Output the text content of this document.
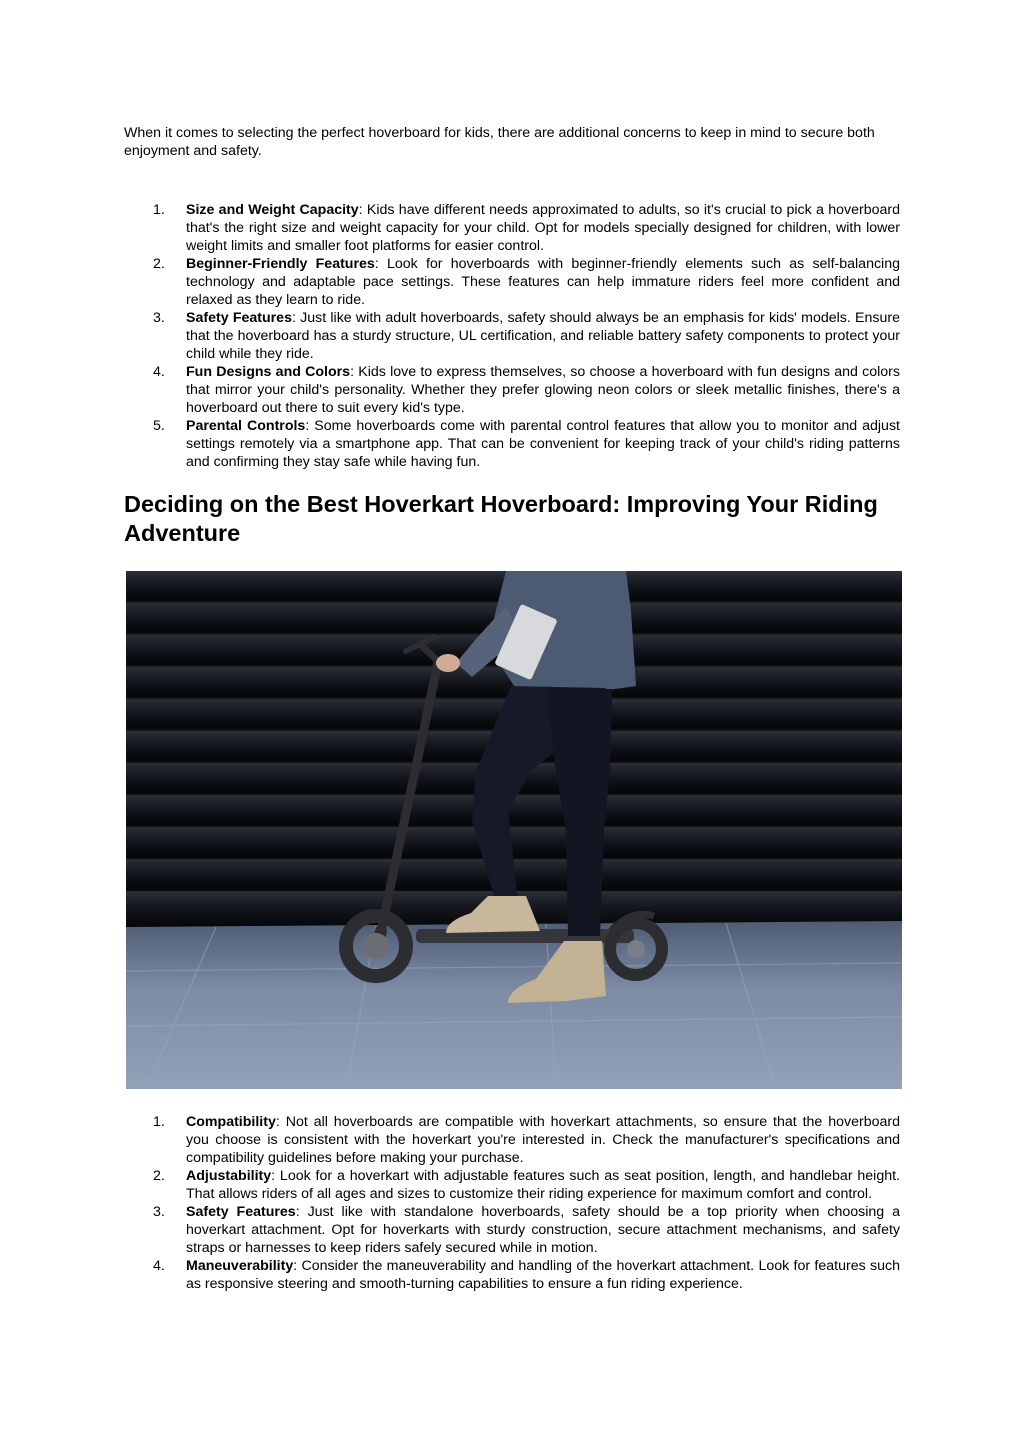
When it comes to selecting the perfect hoverboard for kids, there are additional concerns to keep in mind to secure both enjoyment and safety.

1. Size and Weight Capacity: Kids have different needs approximated to adults, so it's crucial to pick a hoverboard that's the right size and weight capacity for your child. Opt for models specially designed for children, with lower weight limits and smaller foot platforms for easier control.
2. Beginner-Friendly Features: Look for hoverboards with beginner-friendly elements such as self-balancing technology and adaptable pace settings. These features can help immature riders feel more confident and relaxed as they learn to ride.
3. Safety Features: Just like with adult hoverboards, safety should always be an emphasis for kids' models. Ensure that the hoverboard has a sturdy structure, UL certification, and reliable battery safety components to protect your child while they ride.
4. Fun Designs and Colors: Kids love to express themselves, so choose a hoverboard with fun designs and colors that mirror your child's personality. Whether they prefer glowing neon colors or sleek metallic finishes, there's a hoverboard out there to suit every kid's type.
5. Parental Controls: Some hoverboards come with parental control features that allow you to monitor and adjust settings remotely via a smartphone app. That can be convenient for keeping track of your child's riding patterns and confirming they stay safe while having fun.
Deciding on the Best Hoverkart Hoverboard: Improving Your Riding Adventure
1. Compatibility: Not all hoverboards are compatible with hoverkart attachments, so ensure that the hoverboard you choose is consistent with the hoverkart you're interested in. Check the manufacturer's specifications and compatibility guidelines before making your purchase.
2. Adjustability: Look for a hoverkart with adjustable features such as seat position, length, and handlebar height. That allows riders of all ages and sizes to customize their riding experience for maximum comfort and control.
3. Safety Features: Just like with standalone hoverboards, safety should be a top priority when choosing a hoverkart attachment. Opt for hoverkarts with sturdy construction, secure attachment mechanisms, and safety straps or harnesses to keep riders safely secured while in motion.
4. Maneuverability: Consider the maneuverability and handling of the hoverkart attachment. Look for features such as responsive steering and smooth-turning capabilities to ensure a fun riding experience.
